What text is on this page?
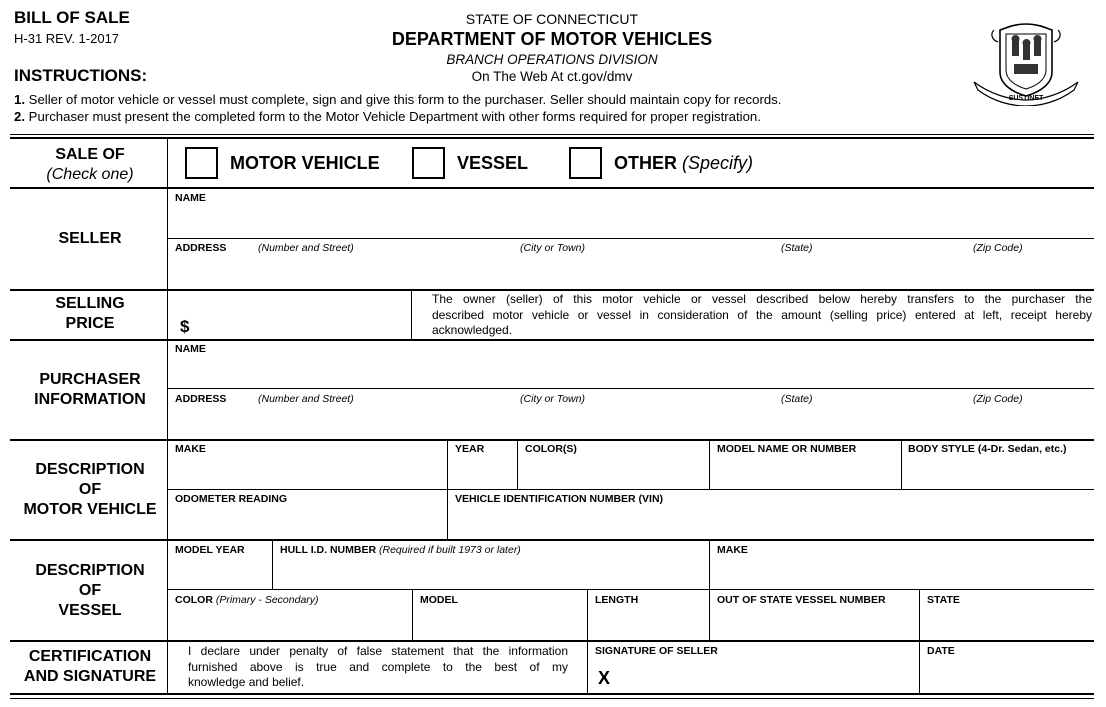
BILL OF SALE
H-31 REV. 1-2017
STATE OF CONNECTICUT
DEPARTMENT OF MOTOR VEHICLES
BRANCH OPERATIONS DIVISION
On The Web At ct.gov/dmv
SUSTINET
INSTRUCTIONS:
1. Seller of motor vehicle or vessel must complete, sign and give this form to the purchaser. Seller should maintain copy for records.
2. Purchaser must present the completed form to the Motor Vehicle Department with other forms required for proper registration.
SALE OF
(Check one)
MOTOR VEHICLE	VESSEL	OTHER (Specify)
SELLER
NAME
ADDRESS	(Number and Street)	(City or Town)	(State)	(Zip Code)
SELLING
PRICE	$
The owner (seller) of this motor vehicle or vessel described below hereby transfers to the purchaser the
described motor vehicle or vessel in consideration of the amount (selling price) entered at left, receipt hereby
acknowledged.
PURCHASER
INFORMATION
NAME
ADDRESS	(Number and Street)	(City or Town)	(State)	(Zip Code)
DESCRIPTION
OF
MOTOR VEHICLE
MAKE	YEAR	COLOR(S)	MODEL NAME OR NUMBER	BODY STYLE (4-Dr. Sedan, etc.)
ODOMETER READING	VEHICLE IDENTIFICATION NUMBER (VIN)
DESCRIPTION
OF
VESSEL
MODEL YEAR	HULL I.D. NUMBER (Required if built 1973 or later)	MAKE
COLOR (Primary - Secondary)	MODEL	LENGTH	OUT OF STATE VESSEL NUMBER	STATE
CERTIFICATION
AND SIGNATURE
I declare under penalty of false statement that the information
furnished above is true and complete to the best of my
knowledge and belief.
SIGNATURE OF SELLER
X
DATE
